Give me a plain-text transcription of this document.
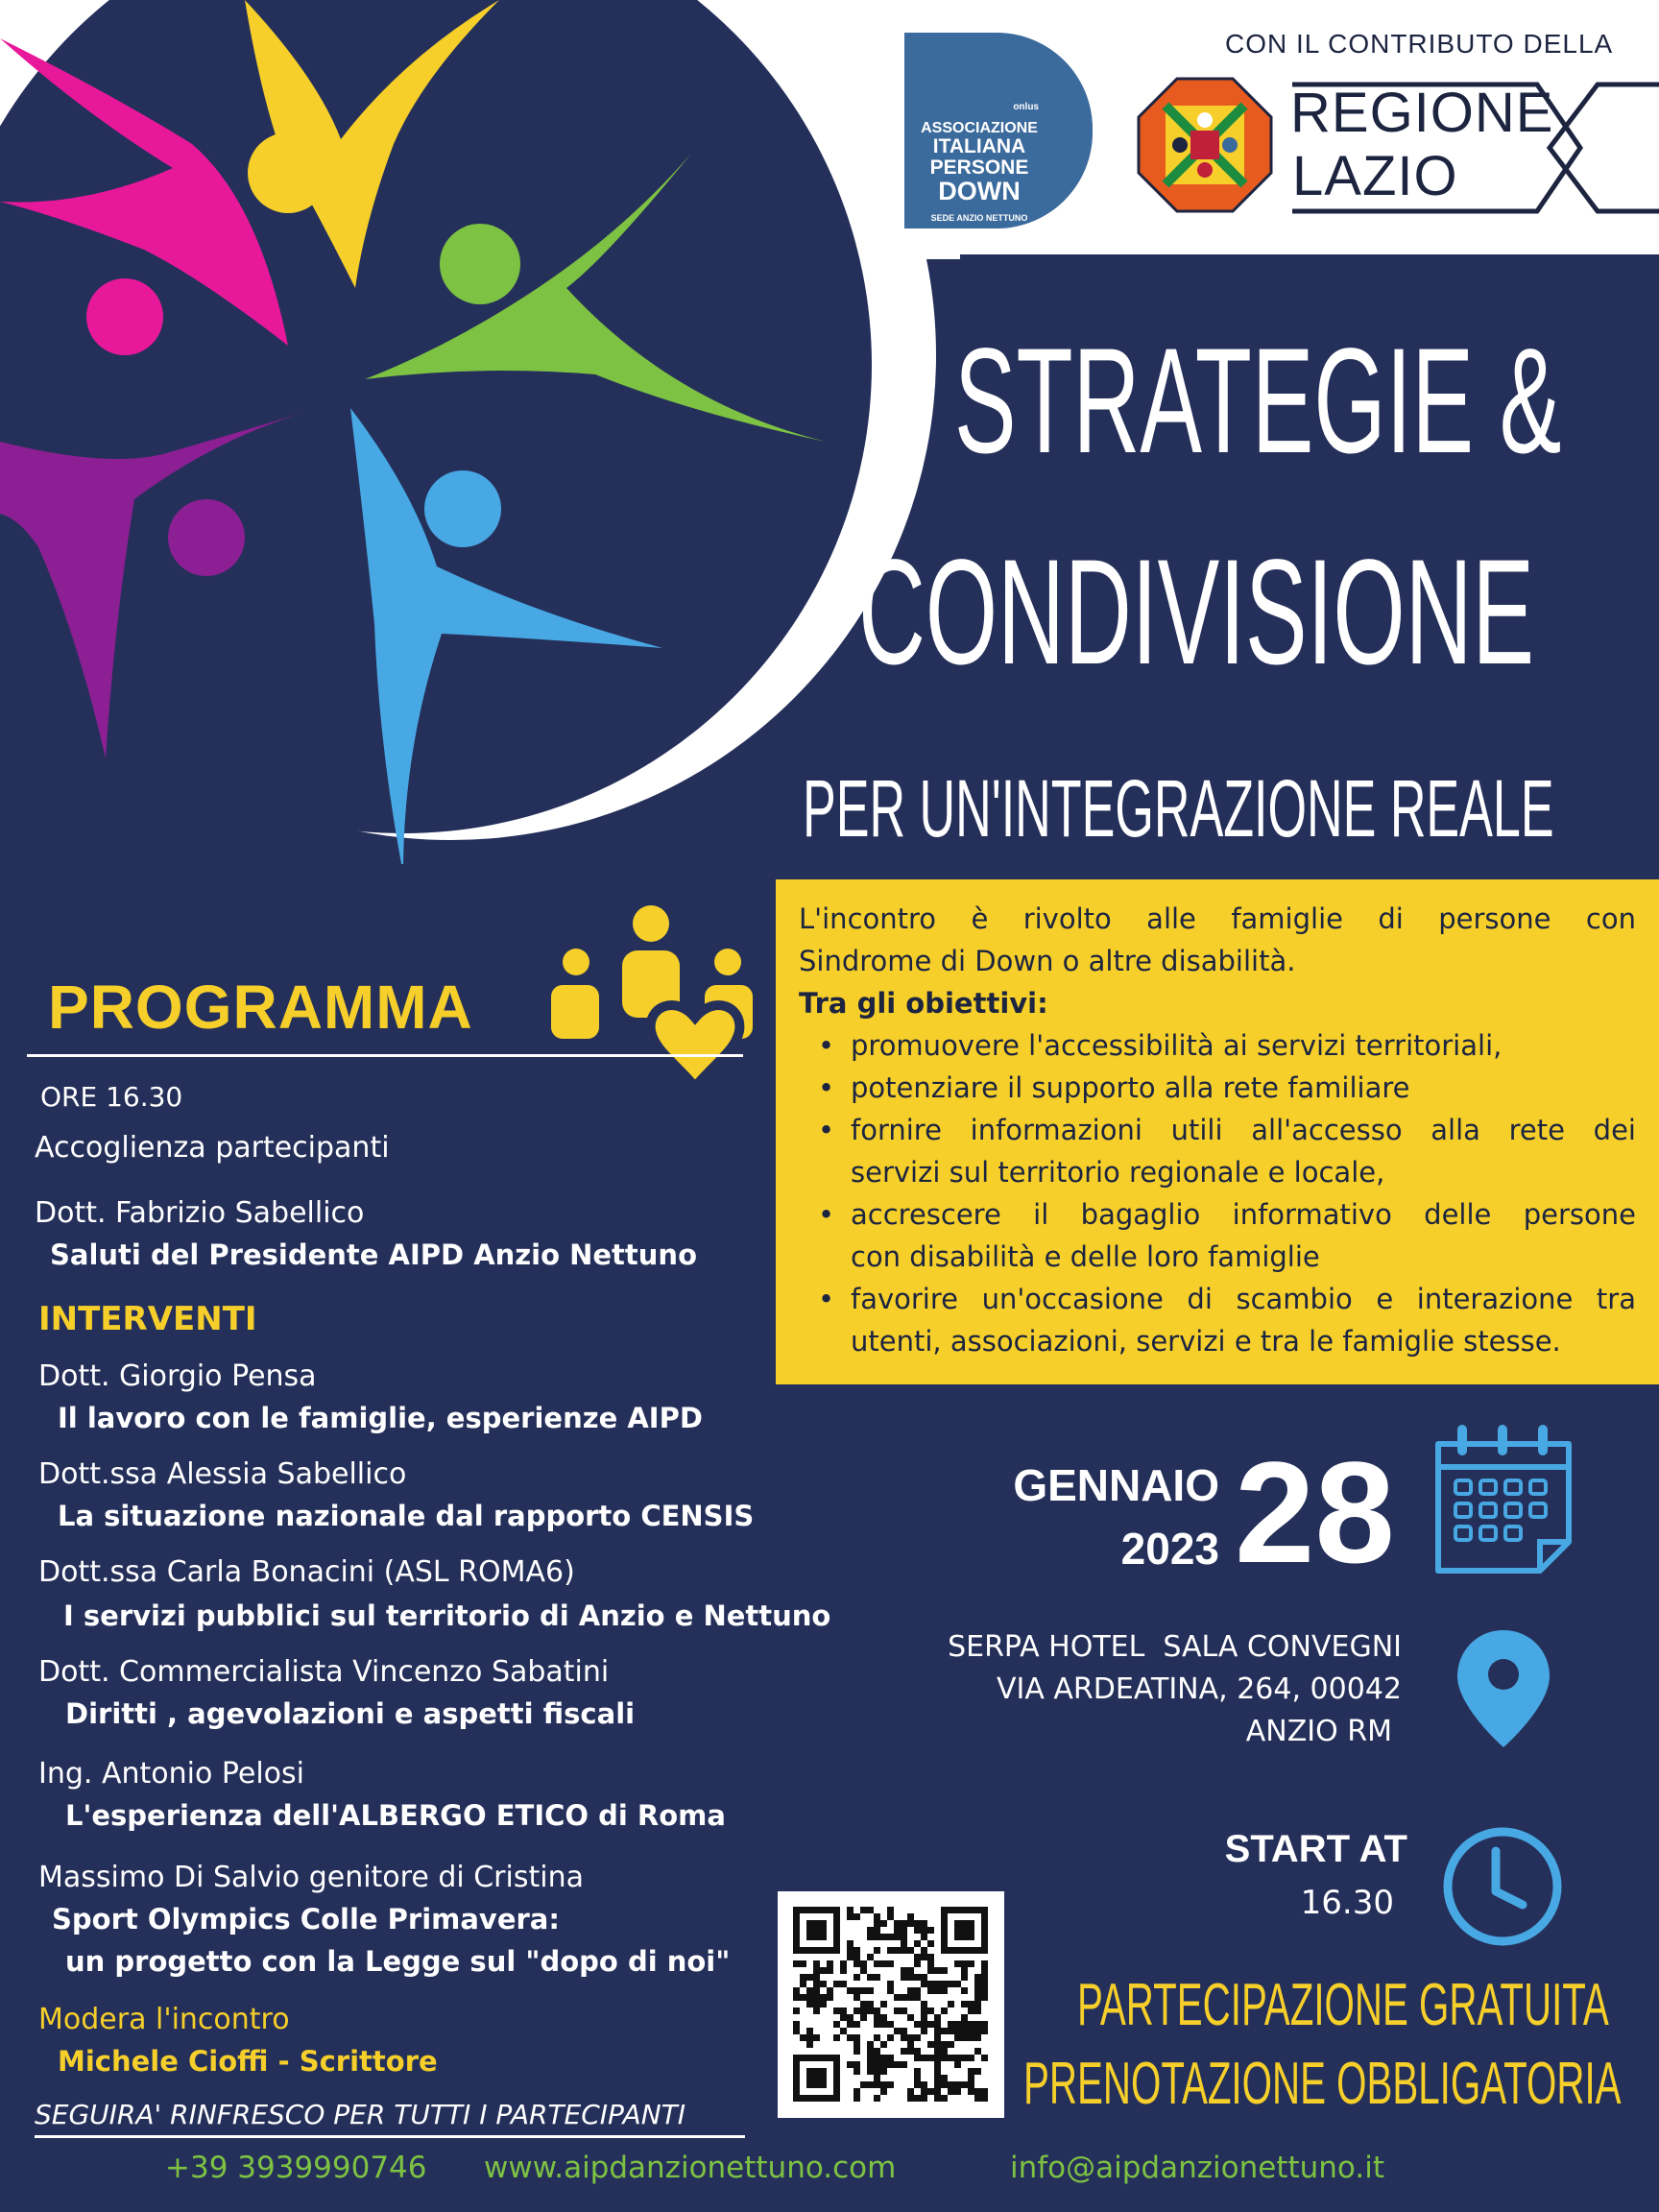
onlus
ASSOCIAZIONE
ITALIANA
PERSONE
DOWN
SEDE ANZIO NETTUNO
CON IL CONTRIBUTO DELLA
REGIONE
LAZIO
STRATEGIE &
CONDIVISIONE
PER UN'INTEGRAZIONE REALE
L'incontro è rivolto alle famiglie di persone con
Sindrome di Down o altre disabilità.
Tra gli obiettivi:
• promuovere l'accessibilità ai servizi territoriali,
• potenziare il supporto alla rete familiare
• fornire informazioni utili all'accesso alla rete dei
servizi sul territorio regionale e locale,
• accrescere il bagaglio informativo delle persone
con disabilità e delle loro famiglie
• favorire un'occasione di scambio e interazione tra
utenti, associazioni, servizi e tra le famiglie stesse.
PROGRAMMA
ORE 16.30
Accoglienza partecipanti
Dott. Fabrizio Sabellico
Saluti del Presidente AIPD Anzio Nettuno
INTERVENTI
Dott. Giorgio Pensa
Il lavoro con le famiglie, esperienze AIPD
Dott.ssa Alessia Sabellico
La situazione nazionale dal rapporto CENSIS
Dott.ssa Carla Bonacini (ASL ROMA6)
I servizi pubblici sul territorio di Anzio e Nettuno
Dott. Commercialista Vincenzo Sabatini
Diritti , agevolazioni e aspetti fiscali
Ing. Antonio Pelosi
L'esperienza dell'ALBERGO ETICO di Roma
Massimo Di Salvio genitore di Cristina
Sport Olympics Colle Primavera:
un progetto con la Legge sul "dopo di noi"
Modera l'incontro
Michele Cioffi - Scrittore
SEGUIRA' RINFRESCO PER TUTTI I PARTECIPANTI
GENNAIO
2023 28
SERPA HOTEL  SALA CONVEGNI
VIA ARDEATINA, 264, 00042
ANZIO RM
START AT
16.30
PARTECIPAZIONE GRATUITA
PRENOTAZIONE OBBLIGATORIA
+39 3939990746 www.aipdanzionettuno.com	info@aipdanzionettuno.it
